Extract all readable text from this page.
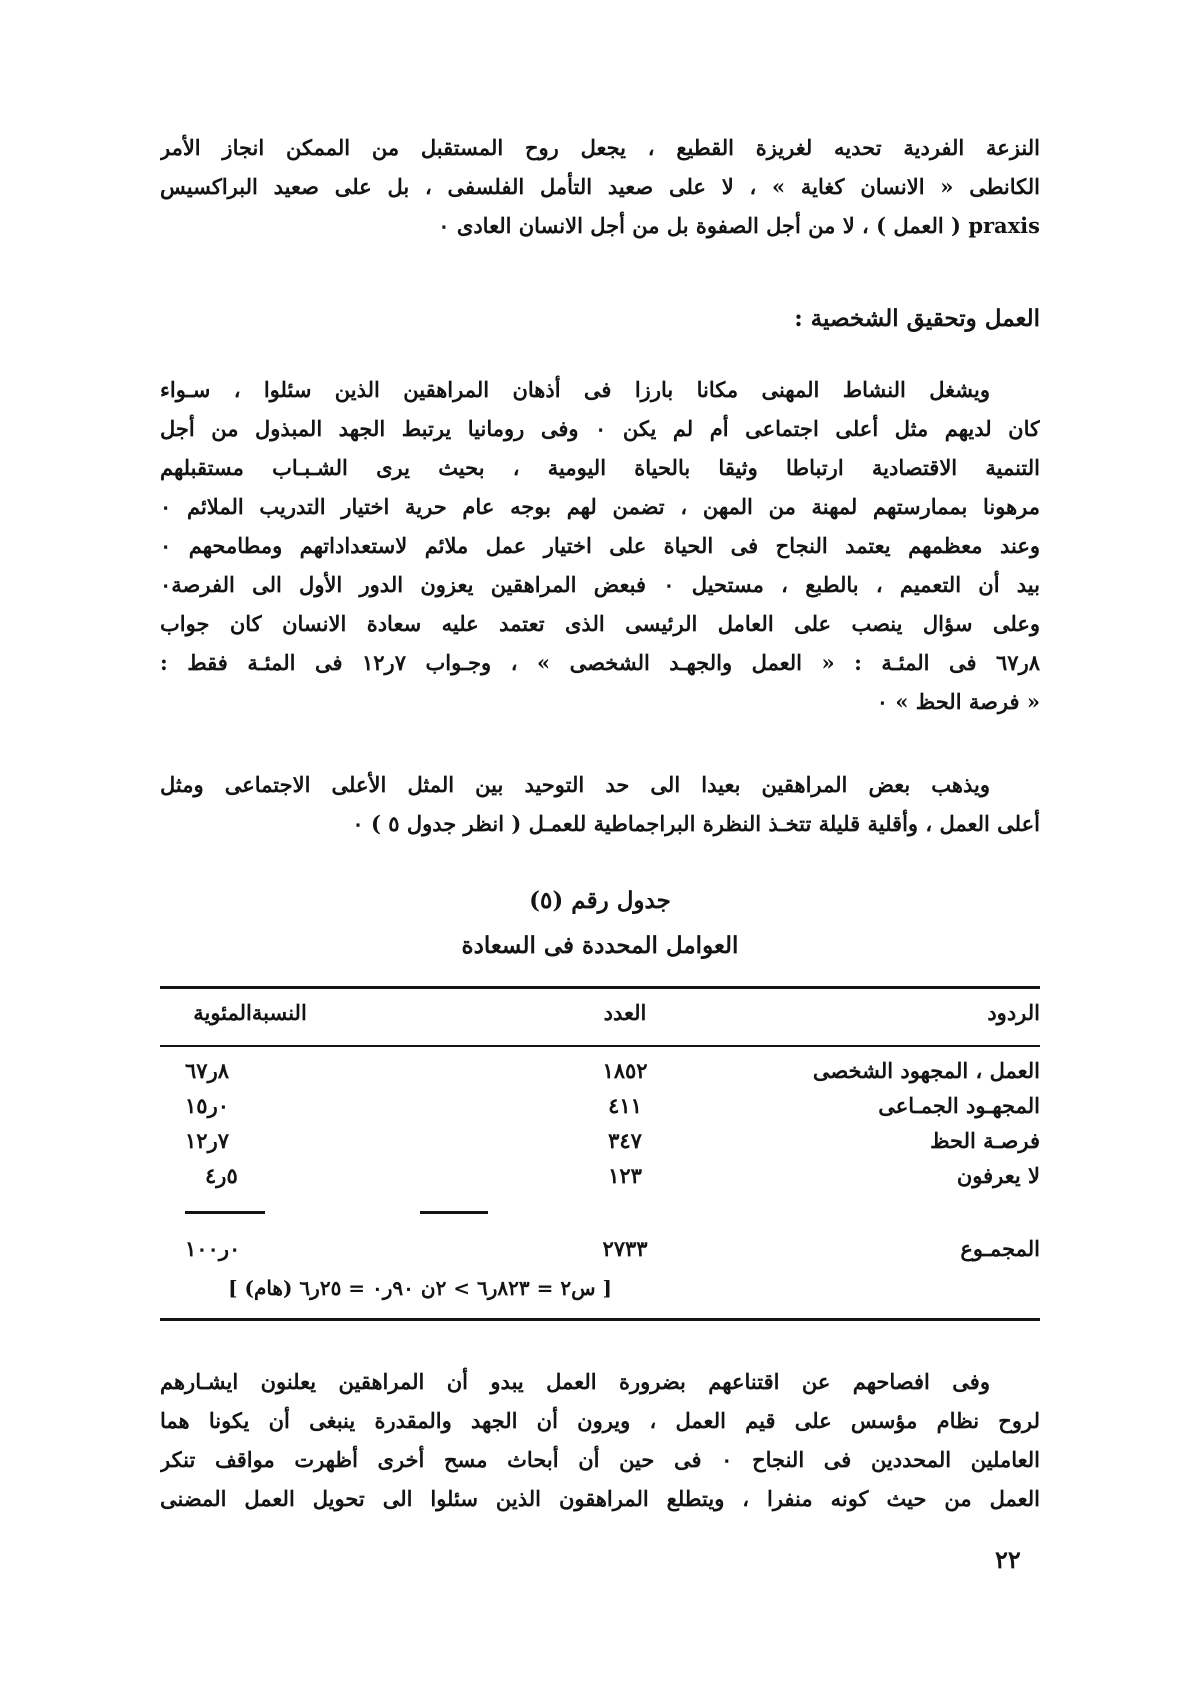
النزعة الفردية تحديه لغريزة القطيع ، يجعل روح المستقبل من الممكن انجاز الأمر
الكانطى « الانسان كغاية » ، لا على صعيد التأمل الفلسفى ، بل على صعيد البراكسيس
praxis ( العمل ) ، لا من أجل الصفوة بل من أجل الانسان العادى ٠
العمل وتحقيق الشخصية :
ويشغل النشاط المهنى مكانا بارزا فى أذهان المراهقين الذين سئلوا ، سـواء
كان لديهم مثل أعلى اجتماعى أم لم يكن ٠ وفى رومانيا يرتبط الجهد المبذول من أجل
التنمية الاقتصادية ارتباطا وثيقا بالحياة اليومية ، بحيث يرى الشـبـاب مستقبلهم
مرهونا بممارستهم لمهنة من المهن ، تضمن لهم بوجه عام حرية اختيار التدريب الملائم ٠
وعند معظمهم يعتمد النجاح فى الحياة على اختيار عمل ملائم لاستعداداتهم ومطامحهم ٠
بيد أن التعميم ، بالطبع ، مستحيل ٠ فبعض المراهقين يعزون الدور الأول الى الفرصة٠
وعلى سؤال ينصب على العامل الرئيسى الذى تعتمد عليه سعادة الانسان كان جواب
٨ر٦٧ فى المئـة : « العمل والجهـد الشخصى » ، وجـواب ٧ر١٢ فى المئـة فقط :
« فرصة الحظ » ٠
ويذهب بعض المراهقين بعيدا الى حد التوحيد بين المثل الأعلى الاجتماعى ومثل
أعلى العمل ، وأقلية قليلة تتخـذ النظرة البراجماطية للعمـل ( انظر جدول ٥ ) ٠
جدول رقم (٥)
العوامل المحددة فى السعادة
الردود
العدد
النسبةالمئوية
العمل ، المجهود الشخصى
١٨٥٢
٨ر٦٧
المجهـود الجمـاعى
٤١١
٠ر١٥
فرصـة الحظ
٣٤٧
٧ر١٢
لا يعرفون
١٢٣
٥ر٤
المجمـوع
٢٧٣٣
٠ر١٠٠
[ س٢ = ٨٢٣ر٦ > ٢ن ٩٠ر٠ = ٢٥ر٦ (هام) ]
وفى افصاحهم عن اقتناعهم بضرورة العمل يبدو أن المراهقين يعلنون ايشـارهم
لروح نظام مؤسس على قيم العمل ، ويرون أن الجهد والمقدرة ينبغى أن يكونا هما
العاملين المحددين فى النجاح ٠ فى حين أن أبحاث مسح أخرى أظهرت مواقف تنكر
العمل من حيث كونه منفرا ، ويتطلع المراهقون الذين سئلوا الى تحويل العمل المضنى
٢٢
